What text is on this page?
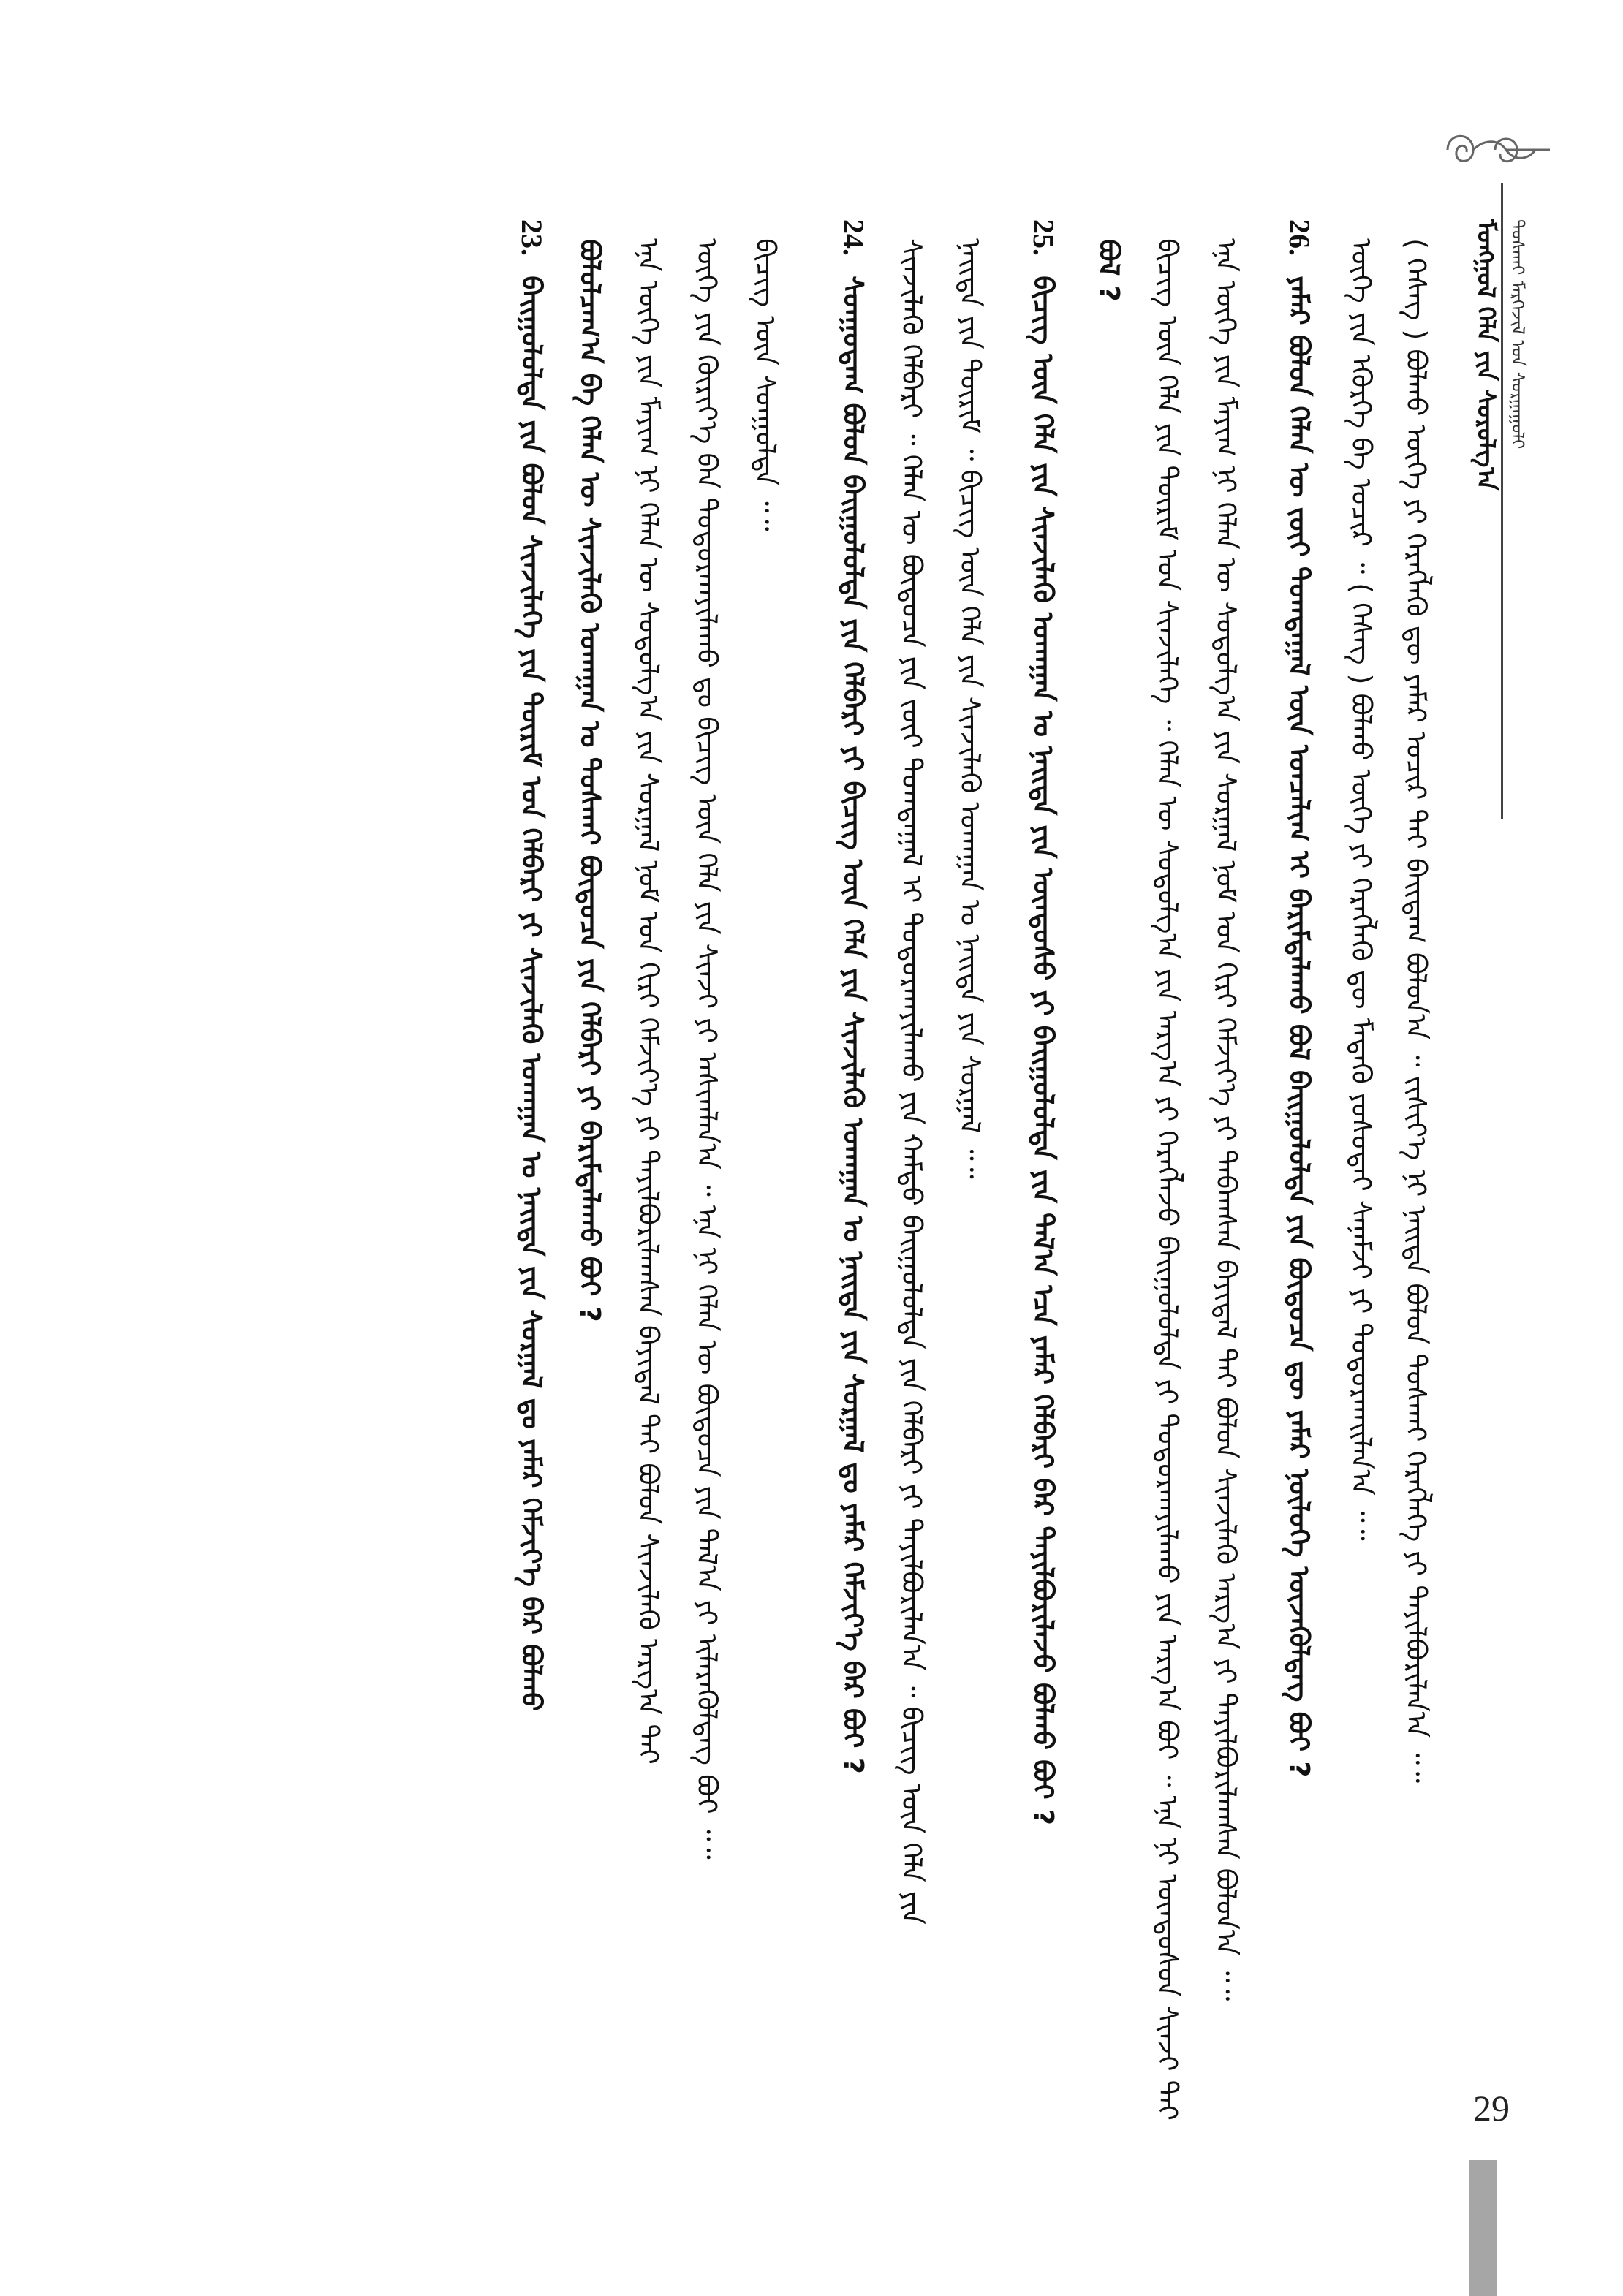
ᠮᠣᠩᠭᠣᠯ ᠬᠡᠯᠡ ᠶᠢᠨ ᠰᠤᠷᠤᠯᠭ᠎ᠠ ᠲᠤᠰᠬᠠᠢ ᠮᠡᠷᠭᠡᠵᠢᠯ ᠤᠨ ᠰᠤᠷᠭᠠᠭᠤᠯᠢ
( ᠬᠡᠰᠡᠭ ) ᠪᠣᠯᠬᠤ ᠦᠭᠡ ᠶᠢ ᠬᠡᠷᠡᠭᠯᠡᠬᠦ ᠳᠦ ᠶᠠᠮᠠᠷ ᠤᠴᠢᠷ ᠲᠠᠢ ᠪᠠᠢᠳᠠᠭ ᠪᠣᠯᠣᠨ᠎ᠠ ᠃ ᠵᠢᠱᠢᠶ᠎ᠡ ᠨᠢ ᠨᠡᠢᠲᠡ ᠪᠣᠯᠤᠨ ᠲᠤᠰᠬᠠᠢ ᠬᠡᠷᠡᠭᠯᠡᠭᠡ ᠶᠢ ᠲᠠᠶᠢᠯᠪᠤᠷᠢᠯᠠᠨ᠎ᠠ ᠃᠃
ᠦᠭᠡ ᠶᠢᠨ ᠡᠭᠦᠷᠭᠡ ᠪᠠ ᠤᠴᠢᠷ ᠃ ( ᠬᠡᠰᠡᠭ ) ᠪᠣᠯᠬᠤ ᠦᠭᠡ ᠶᠢ ᠬᠡᠷᠡᠭᠯᠡᠬᠦ ᠳᠦ ᠮᠡᠳᠡᠬᠦ ᠶᠣᠰᠣᠳᠠᠢ ᠰᠠᠨᠠᠮᠵᠢ ᠶᠢ ᠲᠣᠳᠣᠷᠬᠠᠢᠯᠠᠨ᠎ᠠ ᠃᠃
26. ᠶᠠᠮᠠᠷ ᠪᠣᠯᠣᠨ ᠬᠡᠯᠡᠨ ᠦ ᠵᠦᠢ ᠲᠣᠭᠲᠠᠭᠠᠯ ᠦᠨ ᠣᠨᠴᠠᠯᠢᠭ ᠢ ᠪᠠᠷᠢᠮᠲᠠᠯᠠᠬᠤ ᠪᠣᠯ ᠪᠠᠢᠭᠤᠯᠤᠯᠲᠠ ᠶᠢᠨ ᠪᠦᠲᠦᠴᠡ ᠳᠦ ᠶᠠᠮᠠᠷ ᠨᠥᠯᠦᠭᠡ ᠦᠵᠡᠭᠦᠯᠳᠡᠭ ᠪᠤᠢ ?
ᠡᠨᠡ ᠦᠭᠡ ᠶᠢᠨ ᠮᠠᠶᠢᠭ ᠨᠢ ᠬᠡᠯᠡᠨ ᠦ ᠰᠤᠳᠤᠯᠭ᠎ᠠ ᠶᠢᠨ ᠰᠤᠷᠭᠠᠯ ᠨᠣᠮ ᠤᠨ ᠬᠢᠷᠢ ᠬᠡᠮᠵᠢᠶ᠎ᠡ ᠶᠢ ᠳᠠᠪᠠᠭᠰᠠᠨ ᠪᠠᠶᠢᠳᠠᠯ ᠲᠠᠢ ᠪᠣᠯᠤᠨ ᠰᠢᠨᠵᠢᠯᠡᠬᠦ ᠠᠷᠭ᠎ᠠ ᠶᠢ ᠲᠠᠶᠢᠯᠪᠤᠷᠢᠯᠠᠭᠰᠠᠨ ᠪᠣᠯᠣᠨ᠎ᠠ ᠃᠃
ᠪᠢᠴᠢᠭ ᠦᠨ ᠬᠡᠯᠡ ᠶᠢᠨ ᠳᠦᠷᠢᠮ ᠤᠨ ᠰᠢᠨᠵᠢᠯᠡᠭᠡ ᠃ ᠬᠡᠯᠡᠨ ᠦ ᠰᠤᠳᠤᠯᠭ᠎ᠠ ᠶᠢᠨ ᠠᠷᠭ᠎ᠠ ᠶᠢ ᠬᠡᠷᠡᠭᠯᠡᠵᠦ ᠪᠠᠢᠭᠤᠯᠤᠯᠲᠠ ᠶᠢ ᠲᠣᠳᠣᠷᠬᠠᠶᠢᠯᠠᠬᠤ ᠶᠢᠨ ᠠᠷᠭ᠎ᠠ ᠪᠤᠢ ᠃ ᠡᠨᠡ ᠨᠢ ᠦᠨᠳᠦᠰᠦᠨ ᠰᠢᠨᠵᠢ ᠲᠠᠢ
ᠪᠣᠯ ?
25. ᠪᠢᠴᠢᠭ ᠦᠨ ᠬᠡᠯᠡ ᠶᠢᠨ ᠰᠢᠨᠵᠢᠯᠡᠬᠦ ᠤᠬᠠᠭᠠᠨ ᠤ ᠨᠡᠢᠲᠡ ᠶᠢᠨ ᠦᠨᠳᠦᠰᠦ ᠶᠢ ᠪᠠᠢᠭᠤᠯᠤᠯᠲᠠ ᠶᠢᠨ ᠲᠠᠯ᠎ᠠ ᠡᠴᠡ ᠶᠠᠮᠠᠷ ᠬᠡᠯᠪᠡᠷᠢ ᠪᠡᠷ ᠲᠠᠶᠢᠯᠪᠤᠷᠢᠯᠠᠵᠤ ᠪᠣᠯᠬᠤ ᠪᠤᠢ ?
ᠨᠡᠢᠲᠡ ᠶᠢᠨ ᠳᠦᠷᠢᠮ ᠃ ᠪᠢᠴᠢᠭ ᠦᠨ ᠬᠡᠯᠡ ᠶᠢᠨ ᠰᠢᠨᠵᠢᠯᠡᠬᠦ ᠤᠬᠠᠭᠠᠨ ᠤ ᠨᠡᠢᠲᠡ ᠶᠢᠨ ᠰᠤᠷᠭᠠᠯ ᠃᠃
ᠰᠢᠨᠵᠢᠯᠡᠬᠦ ᠬᠡᠯᠪᠡᠷᠢ ᠃ ᠬᠡᠯᠡᠨ ᠦ ᠪᠦᠲᠦᠴᠡ ᠶᠢᠨ ᠵᠦᠢ ᠲᠣᠭᠲᠠᠭᠠᠯ ᠢ ᠲᠣᠳᠣᠷᠬᠠᠶᠢᠯᠠᠬᠤ ᠶᠢᠨ ᠬᠠᠮᠲᠤ ᠪᠠᠢᠭᠤᠯᠤᠯᠲᠠ ᠶᠢᠨ ᠬᠡᠯᠪᠡᠷᠢ ᠶᠢ ᠲᠠᠶᠢᠯᠪᠤᠷᠢᠯᠠᠨ᠎ᠠ ᠃ ᠪᠢᠴᠢᠭ ᠦᠨ ᠬᠡᠯᠡ ᠶᠢᠨ
24. ᠰᠣᠨᠭᠣᠳᠠᠭ ᠪᠣᠯᠤᠨ ᠪᠠᠢᠭᠤᠯᠤᠯᠲᠠ ᠶᠢᠨ ᠬᠡᠯᠪᠡᠷᠢ ᠶᠢ ᠪᠢᠴᠢᠭ ᠦᠨ ᠬᠡᠯᠡ ᠶᠢᠨ ᠰᠢᠨᠵᠢᠯᠡᠬᠦ ᠤᠬᠠᠭᠠᠨ ᠤ ᠨᠡᠢᠲᠡ ᠶᠢᠨ ᠰᠤᠷᠭᠠᠯ ᠳᠤ ᠶᠠᠮᠠᠷ ᠬᠡᠮᠵᠢᠶ᠎ᠡ ᠪᠡᠷ ᠪᠤᠢ ?
ᠪᠢᠴᠢᠭ ᠦᠨ ᠰᠣᠨᠭᠣᠯᠲᠠ ᠃᠃
ᠦᠭᠡ ᠶᠢᠨ ᠬᠦᠷᠢᠶ᠎ᠡ ᠪᠡᠨ ᠲᠣᠳᠣᠷᠬᠠᠶᠢᠯᠠᠬᠤ ᠳᠤ ᠪᠢᠴᠢᠭ ᠦᠨ ᠬᠡᠯᠡ ᠶᠢᠨ ᠰᠢᠨᠵᠢ ᠶᠢ ᠠᠰᠢᠭᠯᠠᠨ᠎ᠠ ᠃ ᠡᠨᠡ ᠨᠢ ᠬᠡᠯᠡᠨ ᠦ ᠪᠦᠲᠦᠴᠡ ᠶᠢᠨ ᠲᠠᠯ᠎ᠠ ᠶᠢ ᠢᠯᠡᠷᠡᠭᠦᠯᠳᠡᠭ ᠪᠤᠢ ᠃᠃
ᠡᠨᠡ ᠦᠭᠡ ᠶᠢᠨ ᠮᠠᠶᠢᠭ ᠨᠢ ᠬᠡᠯᠡᠨ ᠦ ᠰᠤᠳᠤᠯᠭ᠎ᠠ ᠶᠢᠨ ᠰᠤᠷᠭᠠᠯ ᠨᠣᠮ ᠤᠨ ᠬᠢᠷᠢ ᠬᠡᠮᠵᠢᠶ᠎ᠡ ᠶᠢ ᠲᠠᠶᠢᠯᠪᠤᠷᠢᠯᠠᠭᠰᠠᠨ ᠪᠠᠶᠢᠳᠠᠯ ᠲᠠᠢ ᠪᠣᠯᠤᠨ ᠰᠢᠨᠵᠢᠯᠡᠬᠦ ᠠᠷᠭ᠎ᠠ ᠲᠠᠢ
ᠪᠣᠯᠣᠯᠴᠠᠭ᠎ᠠ ᠪᠠ ᠬᠡᠯᠡᠨ ᠦ ᠰᠢᠨᠵᠢᠯᠡᠬᠦ ᠤᠬᠠᠭᠠᠨ ᠤ ᠲᠤᠰᠬᠠᠢ ᠪᠦᠲᠦᠴᠡ ᠶᠢᠨ ᠬᠡᠯᠪᠡᠷᠢ ᠶᠢ ᠪᠠᠷᠢᠮᠲᠠᠯᠠᠬᠤ ᠪᠤᠢ ?
23. ᠪᠠᠢᠭᠤᠯᠤᠯᠲᠠ ᠶᠢᠨ ᠪᠣᠯᠣᠨ ᠰᠢᠨᠵᠢᠯᠡᠭᠡ ᠶᠢᠨ ᠳᠦᠷᠢᠮ ᠤᠨ ᠬᠡᠯᠪᠡᠷᠢ ᠶᠢ ᠰᠢᠨᠵᠢᠯᠡᠬᠦ ᠤᠬᠠᠭᠠᠨ ᠤ ᠨᠡᠢᠲᠡ ᠶᠢᠨ ᠰᠤᠷᠭᠠᠯ ᠳᠤ ᠶᠠᠮᠠᠷ ᠬᠡᠮᠵᠢᠶ᠎ᠡ ᠪᠡᠷ ᠪᠣᠯᠬᠤ
29
